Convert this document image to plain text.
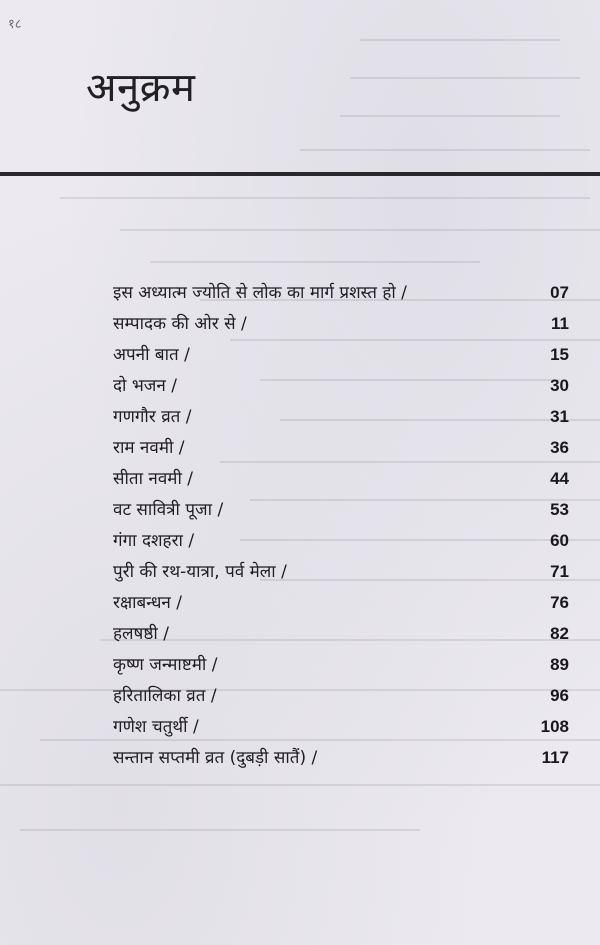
१८
अनुक्रम
इस अध्यात्म ज्योति से लोक का मार्ग प्रशस्त हो /	07
सम्पादक की ओर से /	11
अपनी बात /	15
दो भजन /	30
गणगौर व्रत /	31
राम नवमी /	36
सीता नवमी /	44
वट सावित्री पूजा /	53
गंगा दशहरा /	60
पुरी की रथ-यात्रा, पर्व मेला /	71
रक्षाबन्धन /	76
हलषष्ठी /	82
कृष्ण जन्माष्टमी /	89
हरितालिका व्रत /	96
गणेश चतुर्थी /	108
सन्तान सप्तमी व्रत (दुबड़ी सातैं) /	117
